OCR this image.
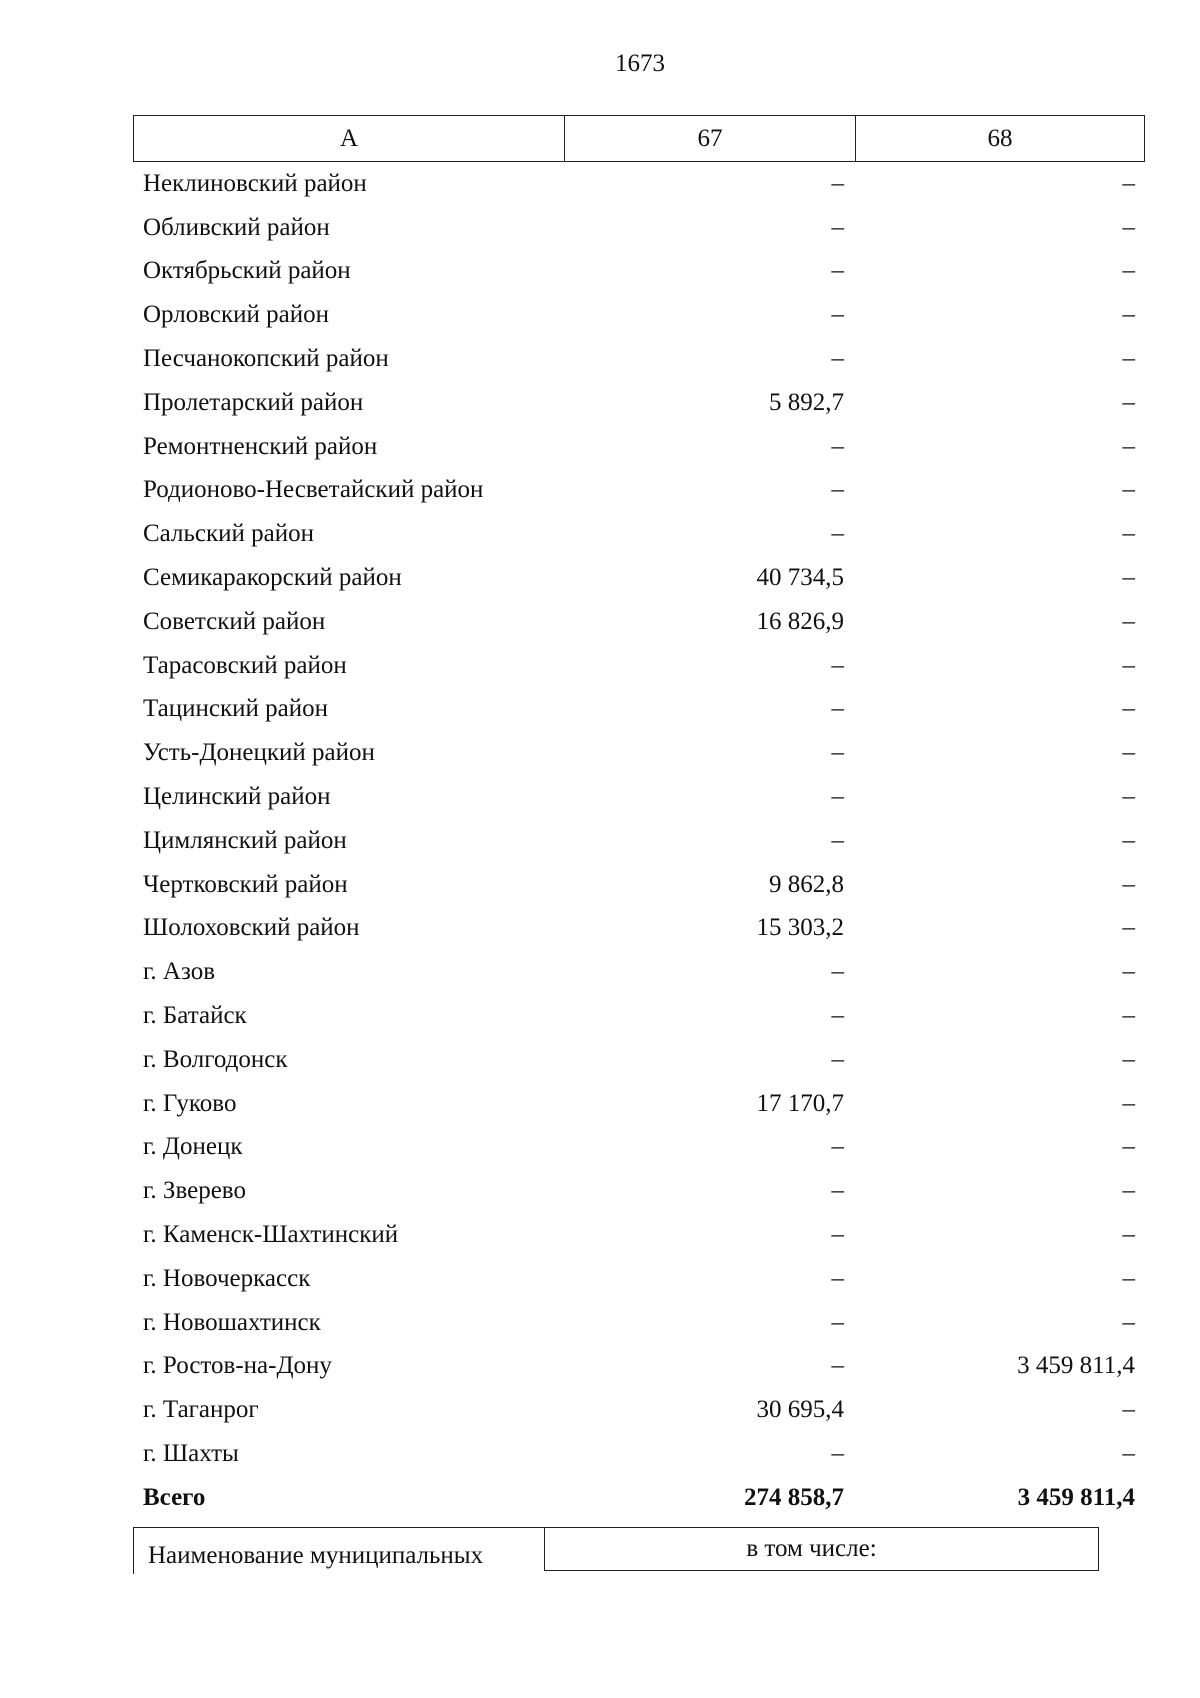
1673
А	67	68
Неклиновский район	–	–
Обливский район	–	–
Октябрьский район	–	–
Орловский район	–	–
Песчанокопский район	–	–
Пролетарский район	5 892,7	–
Ремонтненский район	–	–
Родионово-Несветайский район	–	–
Сальский район	–	–
Семикаракорский район	40 734,5	–
Советский район	16 826,9	–
Тарасовский район	–	–
Тацинский район	–	–
Усть-Донецкий район	–	–
Целинский район	–	–
Цимлянский район	–	–
Чертковский район	9 862,8	–
Шолоховский район	15 303,2	–
г. Азов	–	–
г. Батайск	–	–
г. Волгодонск	–	–
г. Гуково	17 170,7	–
г. Донецк	–	–
г. Зверево	–	–
г. Каменск-Шахтинский	–	–
г. Новочеркасск	–	–
г. Новошахтинск	–	–
г. Ростов-на-Дону	–	3 459 811,4
г. Таганрог	30 695,4	–
г. Шахты	–	–
Всего	274 858,7	3 459 811,4
Наименование муниципальных	в том числе:
